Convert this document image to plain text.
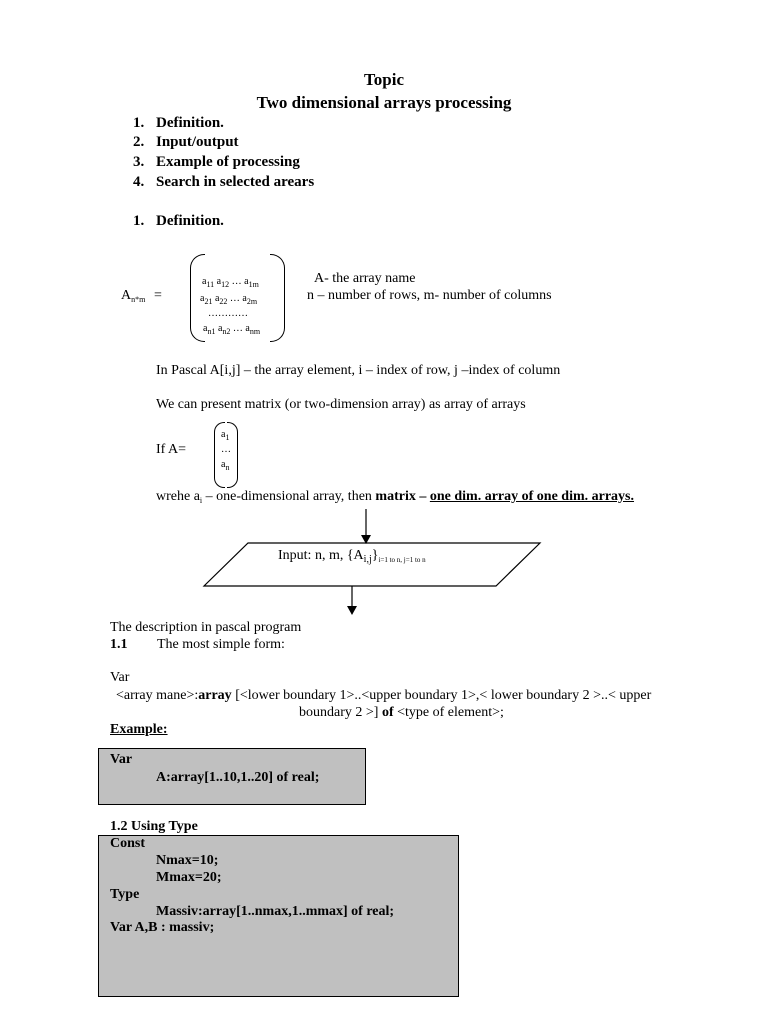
Topic
Two dimensional arrays processing
1. Definition.
2. Input/output
3. Example of processing
4. Search in selected arears
1. Definition.
$A_{n*m}$ =
$a_{11}$ $a_{12}$ … $a_{1m}$
$a_{21}$ $a_{22}$ … $a_{2m}$
…………
$a_{n1}$ $a_{n2}$ … $a_{nm}$
A- the array name
n – number of rows, m- number of columns
In Pascal A[i,j] – the array element, i – index of row, j –index of column
We can present matrix (or two-dimension array) as array of arrays
If A=
$a_1$
…
$a_n$
wrehe $a_i$ – one-dimensional array, then matrix – one dim. array of one dim. arrays.
Input: n, m, $\{A_{i,j}\}_{i=1 to n, j=1 to n}$
The description in pascal program
1.1 The most simple form:
Var
<array mane>:array [<lower boundary 1>..<upper boundary 1>,< lower boundary 2 >..< upper
boundary 2 >] of <type of element>;
Example:
Var
A:array[1..10,1..20] of real;
1.2 Using Type
Const
Nmax=10;
Mmax=20;
Type
Massiv:array[1..nmax,1..mmax] of real;
Var A,B : massiv;
